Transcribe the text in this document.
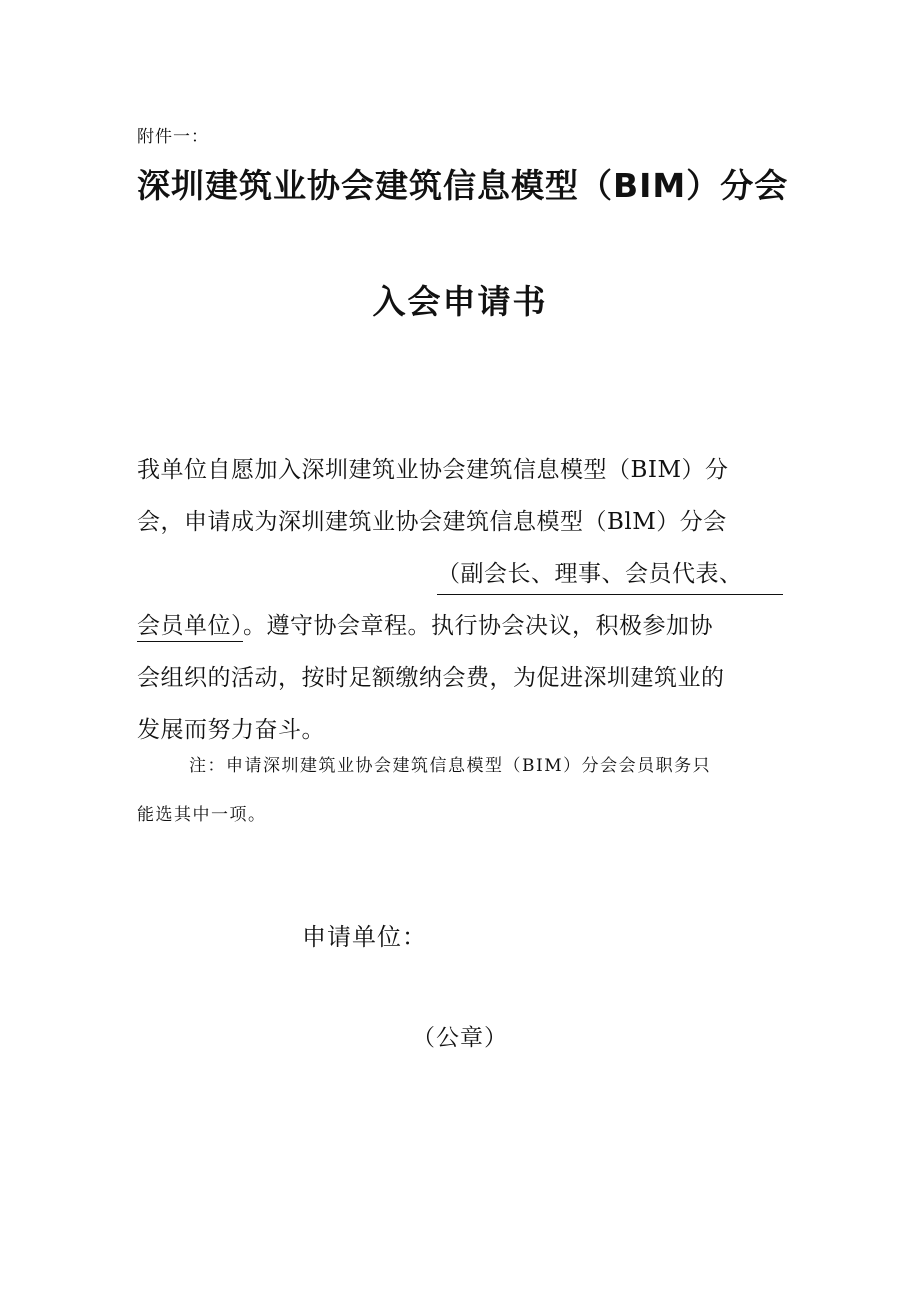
附件一：
深圳建筑业协会建筑信息模型（BIM）分会
入会申请书
我单位自愿加入深圳建筑业协会建筑信息模型（BIM）分
会，申请成为深圳建筑业协会建筑信息模型（BlM）分会
（副会长、理事、会员代表、
会员单位）。遵守协会章程。执行协会决议，积极参加协
会组织的活动，按时足额缴纳会费，为促进深圳建筑业的
发展而努力奋斗。
注：申请深圳建筑业协会建筑信息模型（BIM）分会会员职务只
能选其中一项。
申请单位：
（公章）
